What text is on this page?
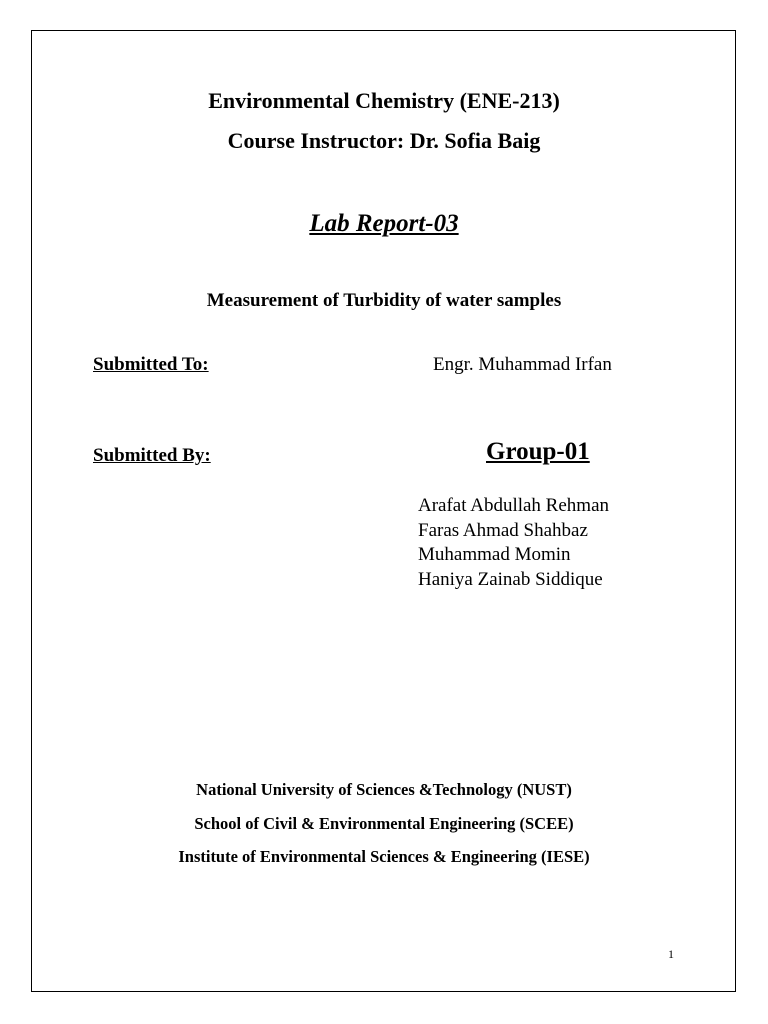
Environmental Chemistry (ENE-213)
Course Instructor: Dr. Sofia Baig
Lab Report-03
Measurement of Turbidity of water samples
Submitted To:	Engr. Muhammad Irfan
Submitted By:	Group-01
Arafat Abdullah Rehman
Faras Ahmad Shahbaz
Muhammad Momin
Haniya Zainab Siddique
National University of Sciences &Technology (NUST)
School of Civil & Environmental Engineering (SCEE)
Institute of Environmental Sciences & Engineering (IESE)
1
